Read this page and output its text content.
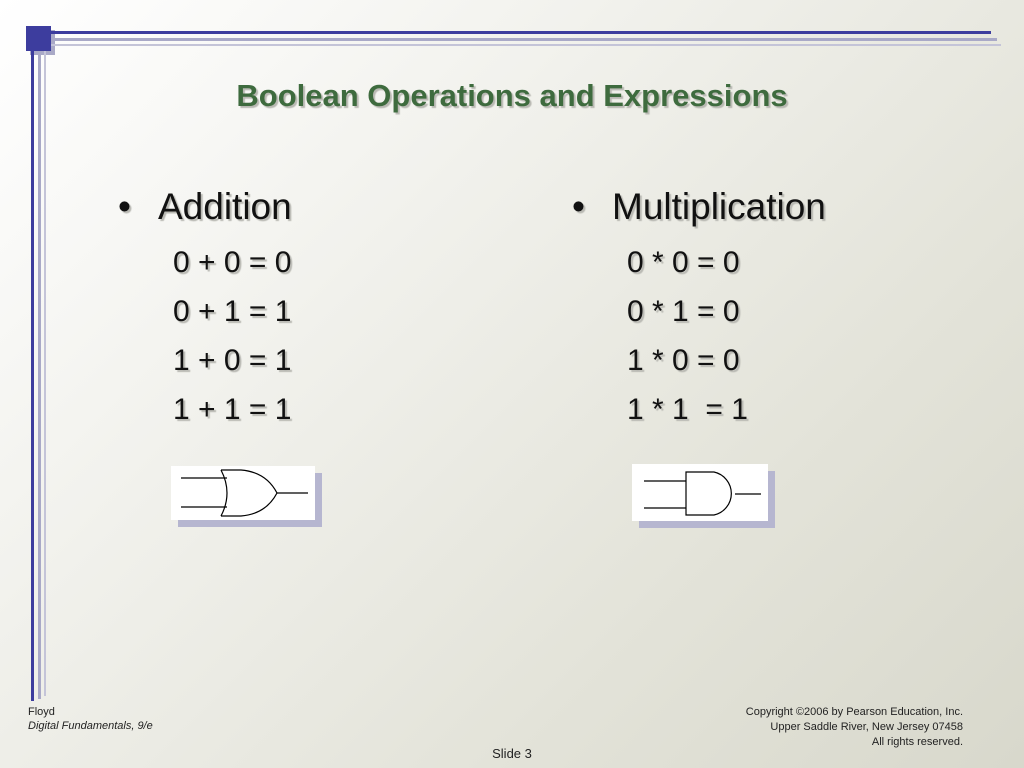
Boolean Operations and Expressions
• Addition
0 + 0 = 0
0 + 1 = 1
1 + 0 = 1
1 + 1 = 1
• Multiplication
0 * 0 = 0
0 * 1 = 0
1 * 0 = 0
1 * 1  = 1
Floyd
Digital Fundamentals, 9/e
Copyright ©2006 by Pearson Education, Inc.
Upper Saddle River, New Jersey 07458
All rights reserved.
Slide 3
